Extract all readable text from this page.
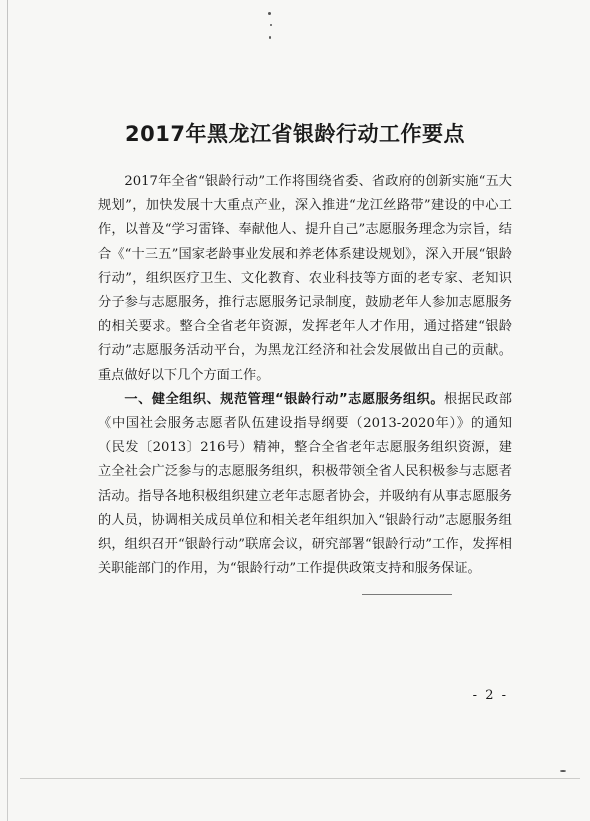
2017年黑龙江省银龄行动工作要点

2017年全省“银龄行动”工作将围绕省委、省政府的创新实施“五大规划”，加快发展十大重点产业，深入推进“龙江丝路带”建设的中心工作，以普及“学习雷锋、奉献他人、提升自己”志愿服务理念为宗旨，结合《“十三五”国家老龄事业发展和养老体系建设规划》，深入开展“银龄行动”，组织医疗卫生、文化教育、农业科技等方面的老专家、老知识分子参与志愿服务，推行志愿服务记录制度，鼓励老年人参加志愿服务的相关要求。整合全省老年资源，发挥老年人才作用，通过搭建“银龄行动”志愿服务活动平台，为黑龙江经济和社会发展做出自己的贡献。重点做好以下几个方面工作。

一、健全组织、规范管理“银龄行动”志愿服务组织。根据民政部《中国社会服务志愿者队伍建设指导纲要（2013-2020年）》的通知（民发〔2013〕216号）精神，整合全省老年志愿服务组织资源，建立全社会广泛参与的志愿服务组织，积极带领全省人民积极参与志愿者活动。指导各地积极组织建立老年志愿者协会，并吸纳有从事志愿服务的人员，协调相关成员单位和相关老年组织加入“银龄行动”志愿服务组织，组织召开“银龄行动”联席会议，研究部署“银龄行动”工作，发挥相关职能部门的作用，为“银龄行动”工作提供政策支持和服务保证。

- 2 -
